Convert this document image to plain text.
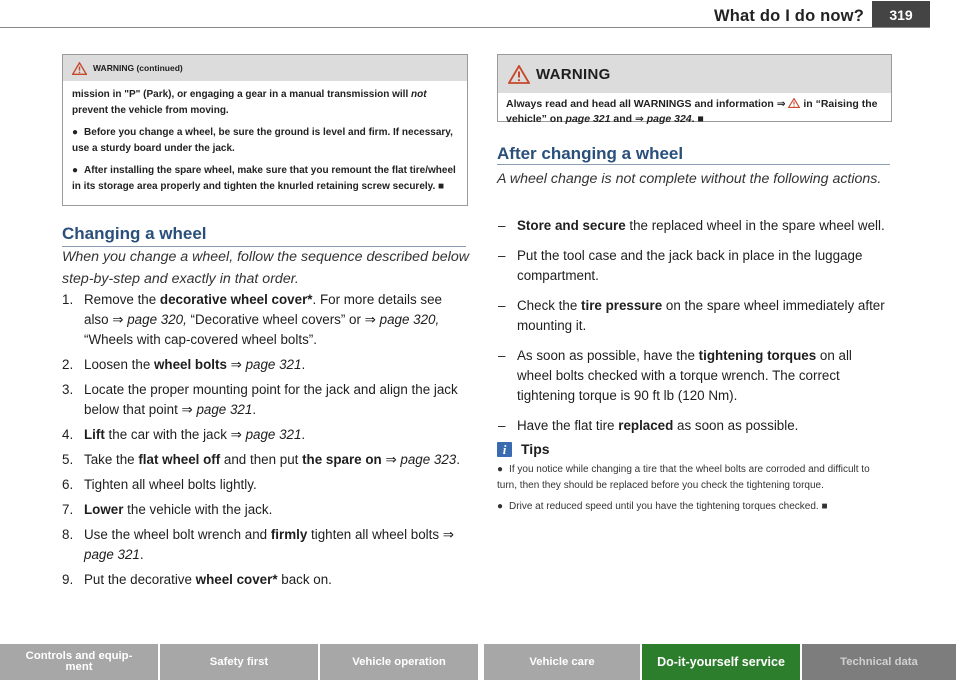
What do I do now?	319
WARNING (continued)

mission in "P" (Park), or engaging a gear in a manual transmission will not prevent the vehicle from moving.

● Before you change a wheel, be sure the ground is level and firm. If necessary, use a sturdy board under the jack.

● After installing the spare wheel, make sure that you remount the flat tire/wheel in its storage area properly and tighten the knurled retaining screw securely. ■

Changing a wheel
When you change a wheel, follow the sequence described below step-by-step and exactly in that order.
1. Remove the decorative wheel cover*. For more details see also ⇒ page 320, “Decorative wheel covers” or ⇒ page 320, “Wheels with cap-covered wheel bolts”.
2. Loosen the wheel bolts ⇒ page 321.
3. Locate the proper mounting point for the jack and align the jack below that point ⇒ page 321.
4. Lift the car with the jack ⇒ page 321.
5. Take the flat wheel off and then put the spare on ⇒ page 323.
6. Tighten all wheel bolts lightly.
7. Lower the vehicle with the jack.
8. Use the wheel bolt wrench and firmly tighten all wheel bolts ⇒ page 321.
9. Put the decorative wheel cover* back on.
WARNING

Always read and head all WARNINGS and information ⇒  in “Raising the vehicle” on page 321 and ⇒ page 324. ■

After changing a wheel
A wheel change is not complete without the following actions.
– Store and secure the replaced wheel in the spare wheel well.
– Put the tool case and the jack back in place in the luggage compartment.
– Check the tire pressure on the spare wheel immediately after mounting it.
– As soon as possible, have the tightening torques on all wheel bolts checked with a torque wrench. The correct tightening torque is 90 ft lb (120 Nm).
– Have the flat tire replaced as soon as possible.
i	Tips
● If you notice while changing a tire that the wheel bolts are corroded and difficult to turn, then they should be replaced before you check the tightening torque.
● Drive at reduced speed until you have the tightening torques checked. ■
Controls and equip-
ment	Safety first	Vehicle operation	Vehicle care	Do-it-yourself service	Technical data
